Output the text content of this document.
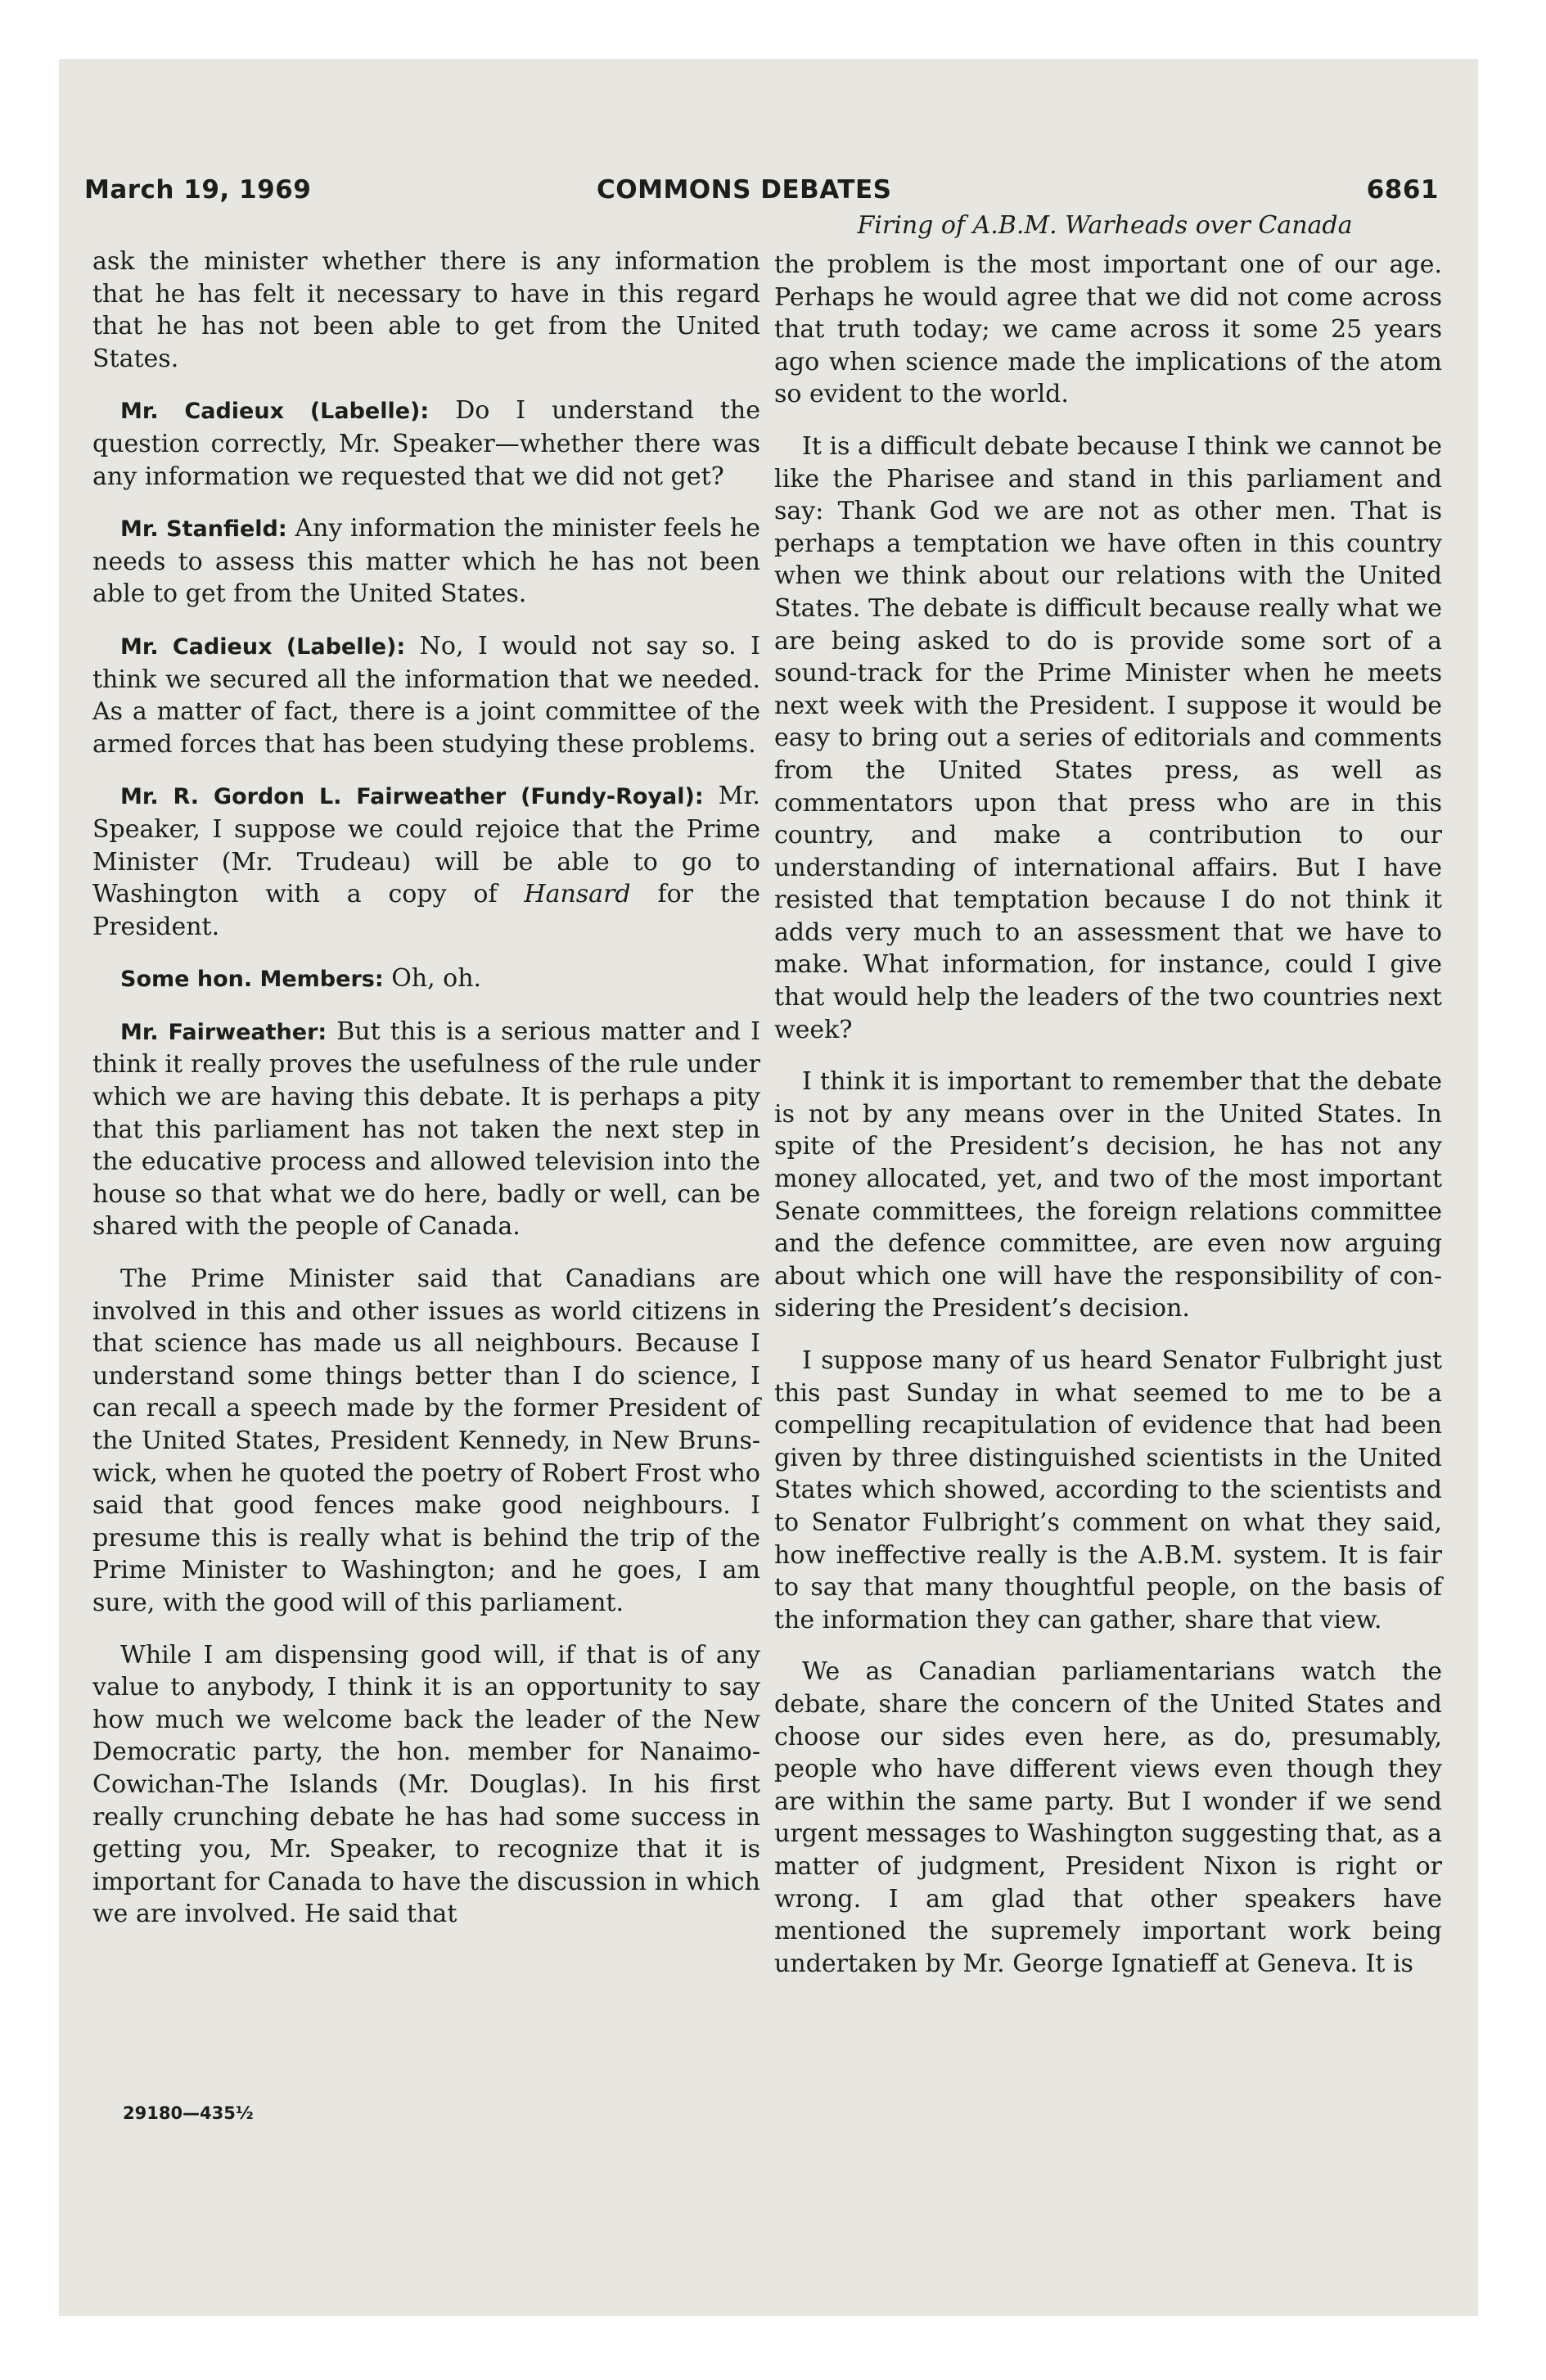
March 19, 1969	COMMONS DEBATES	6861
Firing of A.B.M. Warheads over Canada

ask the minister whether there is any information that he has felt it necessary to have in this regard that he has not been able to get from the United States.

Mr. Cadieux (Labelle): Do I understand the question correctly, Mr. Speaker—whether there was any information we requested that we did not get?

Mr. Stanfield: Any information the minister feels he needs to assess this matter which he has not been able to get from the United States.

Mr. Cadieux (Labelle): No, I would not say so. I think we secured all the information that we needed. As a matter of fact, there is a joint committee of the armed forces that has been studying these problems.

Mr. R. Gordon L. Fairweather (Fundy-Royal): Mr. Speaker, I suppose we could rejoice that the Prime Minister (Mr. Trudeau) will be able to go to Washington with a copy of Hansard for the President.

Some hon. Members: Oh, oh.

Mr. Fairweather: But this is a serious matter and I think it really proves the usefulness of the rule under which we are having this debate. It is perhaps a pity that this parliament has not taken the next step in the educative process and allowed television into the house so that what we do here, badly or well, can be shared with the people of Canada.

The Prime Minister said that Canadians are involved in this and other issues as world citizens in that science has made us all neighbours. Because I understand some things better than I do science, I can recall a speech made by the former President of the United States, President Kennedy, in New Brunswick, when he quoted the poetry of Robert Frost who said that good fences make good neighbours. I presume this is really what is behind the trip of the Prime Minister to Washington; and he goes, I am sure, with the good will of this parliament.

While I am dispensing good will, if that is of any value to anybody, I think it is an opportunity to say how much we welcome back the leader of the New Democratic party, the hon. member for Nanaimo-Cowichan-The Islands (Mr. Douglas). In his first really crunching debate he has had some success in getting you, Mr. Speaker, to recognize that it is important for Canada to have the discussion in which we are involved. He said that

the problem is the most important one of our age. Perhaps he would agree that we did not come across that truth today; we came across it some 25 years ago when science made the implications of the atom so evident to the world.

It is a difficult debate because I think we cannot be like the Pharisee and stand in this parliament and say: Thank God we are not as other men. That is perhaps a temptation we have often in this country when we think about our relations with the United States. The debate is difficult because really what we are being asked to do is provide some sort of a sound-track for the Prime Minister when he meets next week with the President. I suppose it would be easy to bring out a series of editorials and comments from the United States press, as well as commentators upon that press who are in this country, and make a contribution to our understanding of international affairs. But I have resisted that temptation because I do not think it adds very much to an assessment that we have to make. What information, for instance, could I give that would help the leaders of the two countries next week?

I think it is important to remember that the debate is not by any means over in the United States. In spite of the President’s decision, he has not any money allocated, yet, and two of the most important Senate committees, the foreign relations committee and the defence committee, are even now arguing about which one will have the responsibility of considering the President’s decision.

I suppose many of us heard Senator Fulbright just this past Sunday in what seemed to me to be a compelling recapitulation of evidence that had been given by three distinguished scientists in the United States which showed, according to the scientists and to Senator Fulbright’s comment on what they said, how ineffective really is the A.B.M. system. It is fair to say that many thoughtful people, on the basis of the information they can gather, share that view.

We as Canadian parliamentarians watch the debate, share the concern of the United States and choose our sides even here, as do, presumably, people who have different views even though they are within the same party. But I wonder if we send urgent messages to Washington suggesting that, as a matter of judgment, President Nixon is right or wrong. I am glad that other speakers have mentioned the supremely important work being undertaken by Mr. George Ignatieff at Geneva. It is

29180—435½
